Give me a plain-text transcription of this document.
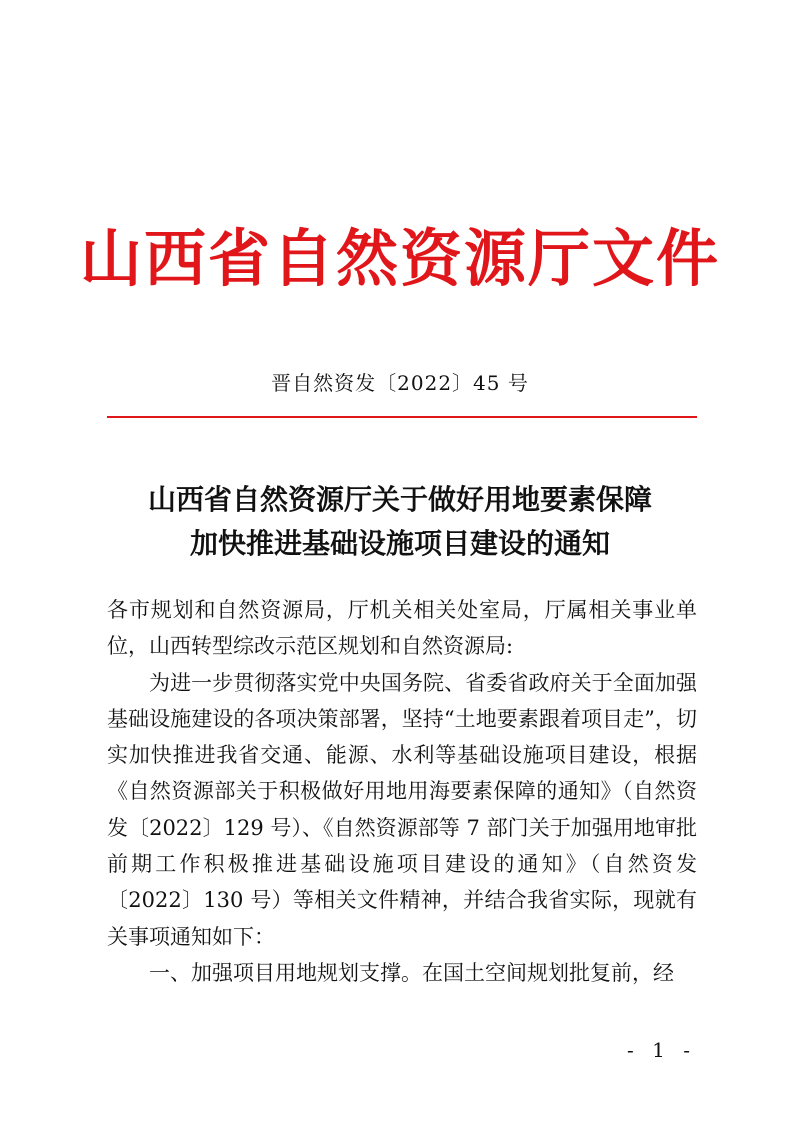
山西省自然资源厅文件
晋自然资发〔2022〕45 号
山西省自然资源厅关于做好用地要素保障
加快推进基础设施项目建设的通知

各市规划和自然资源局，厅机关相关处室局，厅属相关事业单位，山西转型综改示范区规划和自然资源局:

为进一步贯彻落实党中央国务院、省委省政府关于全面加强基础设施建设的各项决策部署，坚持“土地要素跟着项目走”，切实加快推进我省交通、能源、水利等基础设施项目建设，根据《自然资源部关于积极做好用地用海要素保障的通知》（自然资发〔2022〕129 号）、《自然资源部等 7 部门关于加强用地审批前期工作积极推进基础设施项目建设的通知》（自然资发〔2022〕130 号）等相关文件精神，并结合我省实际，现就有关事项通知如下：

一、加强项目用地规划支撑。在国土空间规划批复前，经

- 1 -
